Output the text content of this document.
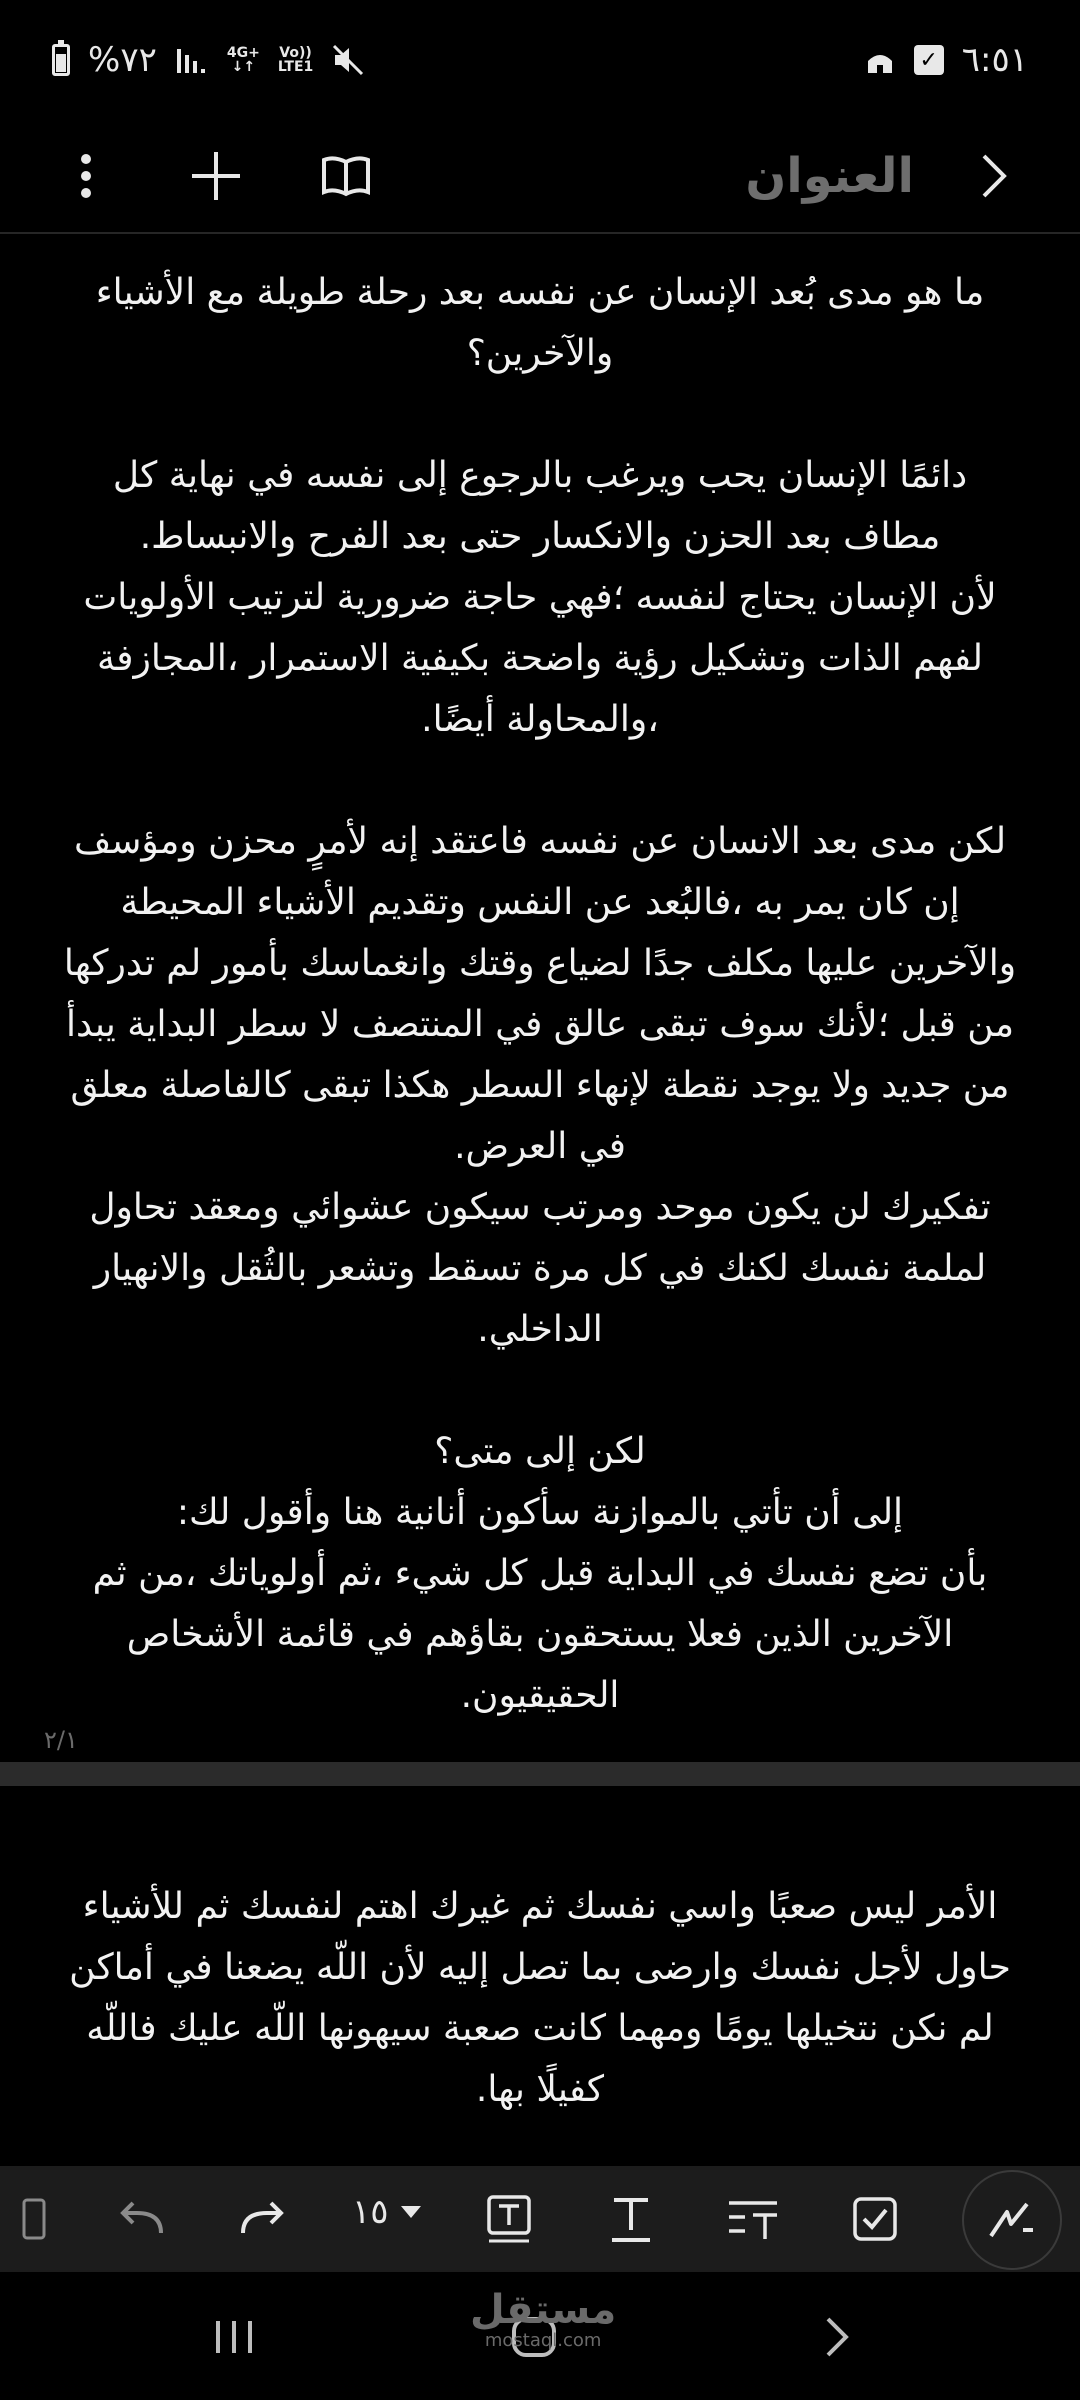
%٧٢	4G+
↓↑
Vo))
LTE1	✓ ٦:٥١
العنوان

ما هو مدى بُعد الإنسان عن نفسه بعد رحلة طويلة مع الأشياء والآخرين؟

دائمًا الإنسان يحب ويرغب بالرجوع إلى نفسه في نهاية كل مطاف بعد الحزن والانكسار حتى بعد الفرح والانبساط.

لأن الإنسان يحتاج لنفسه ؛فهي حاجة ضرورية لترتيب الأولويات لفهم الذات وتشكيل رؤية واضحة بكيفية الاستمرار ،المجازفة ،والمحاولة أيضًا.

لكن مدى بعد الانسان عن نفسه فاعتقد إنه لأمرٍ محزن ومؤسف إن كان يمر به ،فالبُعد عن النفس وتقديم الأشياء المحيطة والآخرين عليها مكلف جدًا لضياع وقتك وانغماسك بأمور لم تدركها من قبل ؛لأنك سوف تبقى عالق في المنتصف لا سطر البداية يبدأ من جديد ولا يوجد نقطة لإنهاء السطر هكذا تبقى كالفاصلة معلق في العرض.

تفكيرك لن يكون موحد ومرتب سيكون عشوائي ومعقد تحاول لملمة نفسك لكنك في كل مرة تسقط وتشعر بالثُقل والانهيار الداخلي.

لكن إلى متى؟

إلى أن تأتي بالموازنة سأكون أنانية هنا وأقول لك:

بأن تضع نفسك في البداية قبل كل شيء ،ثم أولوياتك ،من ثم الآخرين الذين فعلا يستحقون بقاؤهم في قائمة الأشخاص الحقيقيون.

٢/١

الأمر ليس صعبًا واسي نفسك ثم غيرك اهتم لنفسك ثم للأشياء حاول لأجل نفسك وارضى بما تصل إليه لأن اللّه يضعنا في أماكن لم نكن نتخيلها يومًا ومهما كانت صعبة سيهونها اللّه عليك فاللّه كفيلًا بها.

١٥
مستقل
mostaql.com
